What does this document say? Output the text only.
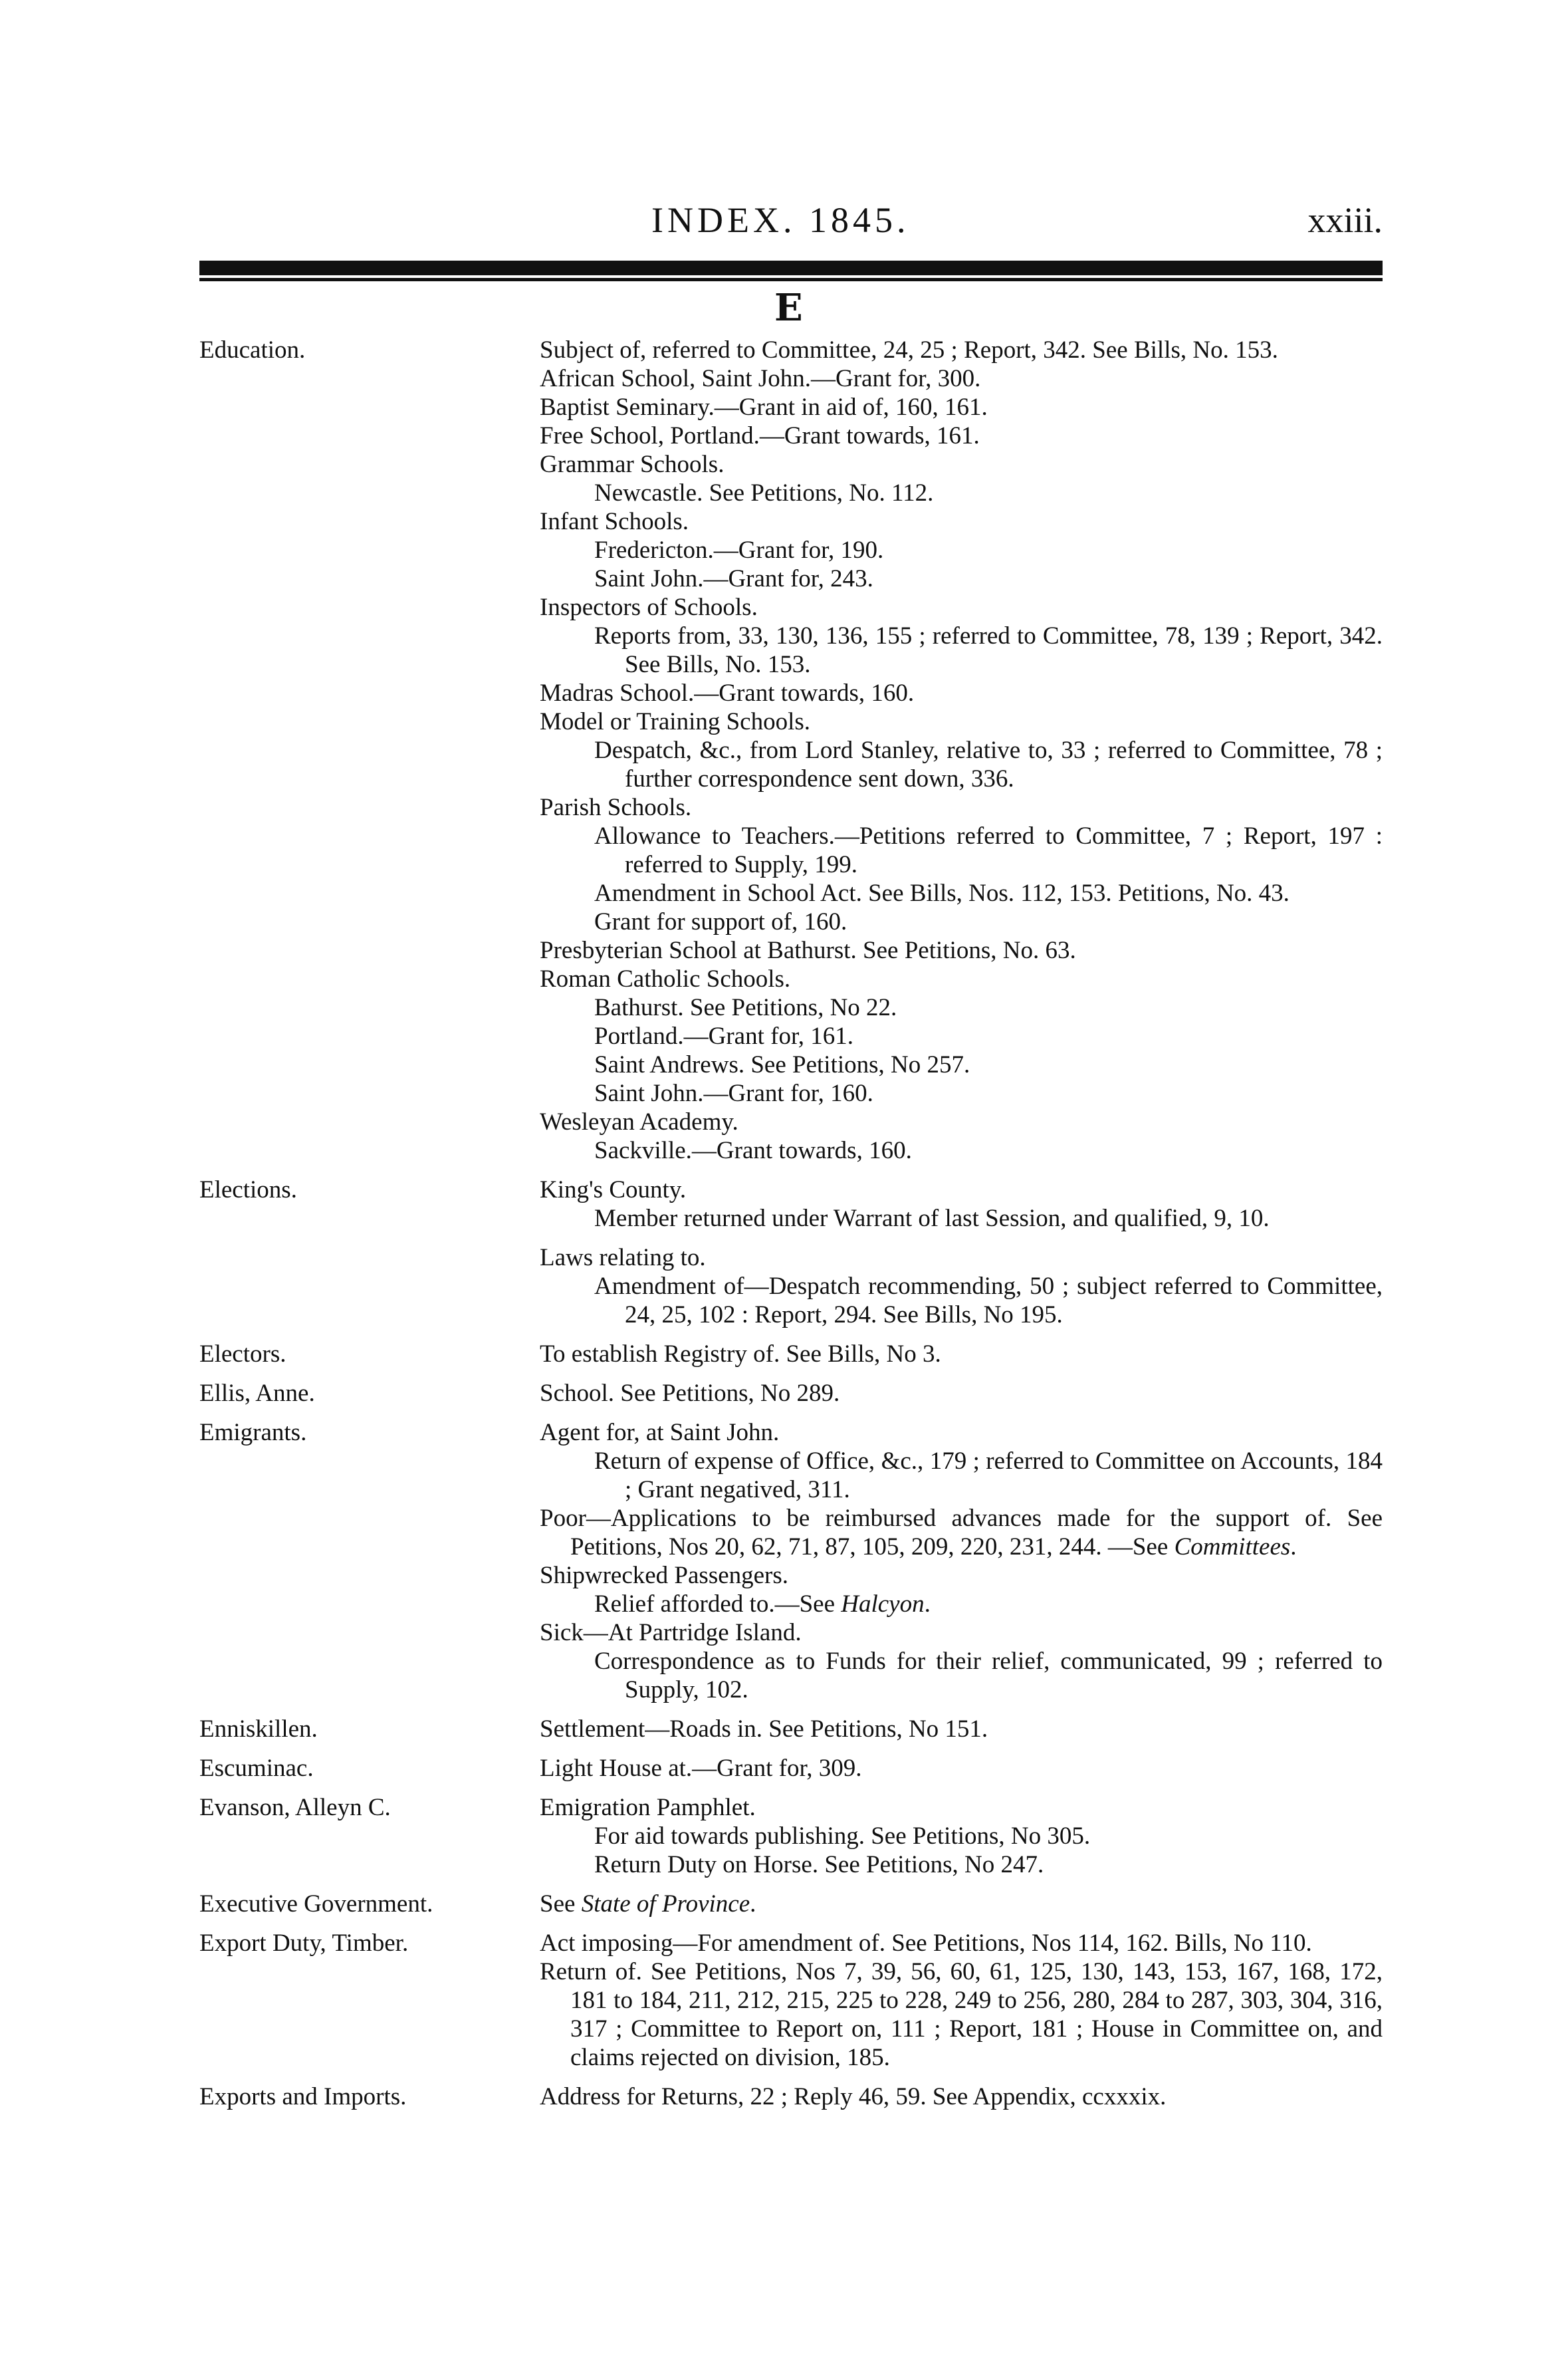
INDEX. 1845.	xxiii.
E
Education.	Subject of, referred to Committee, 24, 25 ; Report, 342. See Bills, No. 153.
African School, Saint John.—Grant for, 300.
Baptist Seminary.—Grant in aid of, 160, 161.
Free School, Portland.—Grant towards, 161.
Grammar Schools.
Newcastle. See Petitions, No. 112.
Infant Schools.
Fredericton.—Grant for, 190.
Saint John.—Grant for, 243.
Inspectors of Schools.
Reports from, 33, 130, 136, 155 ; referred to Committee, 78, 139 ; Report, 342. See Bills, No. 153.
Madras School.—Grant towards, 160.
Model or Training Schools.
Despatch, &c., from Lord Stanley, relative to, 33 ; referred to Committee, 78 ; further correspondence sent down, 336.
Parish Schools.
Allowance to Teachers.—Petitions referred to Committee, 7 ; Report, 197 : referred to Supply, 199.
Amendment in School Act. See Bills, Nos. 112, 153. Petitions, No. 43.
Grant for support of, 160.
Presbyterian School at Bathurst. See Petitions, No. 63.
Roman Catholic Schools.
Bathurst. See Petitions, No 22.
Portland.—Grant for, 161.
Saint Andrews. See Petitions, No 257.
Saint John.—Grant for, 160.
Wesleyan Academy.
Sackville.—Grant towards, 160.
Elections.	King's County.
Member returned under Warrant of last Session, and qualified, 9, 10.
Laws relating to.
Amendment of—Despatch recommending, 50 ; subject referred to Committee, 24, 25, 102 : Report, 294. See Bills, No 195.
Electors.	To establish Registry of. See Bills, No 3.
Ellis, Anne.	School. See Petitions, No 289.
Emigrants.	Agent for, at Saint John.
Return of expense of Office, &c., 179 ; referred to Committee on Accounts, 184 ; Grant negatived, 311.
Poor—Applications to be reimbursed advances made for the support of. See Petitions, Nos 20, 62, 71, 87, 105, 209, 220, 231, 244. —See Committees.
Shipwrecked Passengers.
Relief afforded to.—See Halcyon.
Sick—At Partridge Island.
Correspondence as to Funds for their relief, communicated, 99 ; referred to Supply, 102.
Enniskillen.	Settlement—Roads in. See Petitions, No 151.
Escuminac.	Light House at.—Grant for, 309.
Evanson, Alleyn C.	Emigration Pamphlet.
For aid towards publishing. See Petitions, No 305.
Return Duty on Horse. See Petitions, No 247.
Executive Government.	See State of Province.
Export Duty, Timber.	Act imposing—For amendment of. See Petitions, Nos 114, 162. Bills, No 110.
Return of. See Petitions, Nos 7, 39, 56, 60, 61, 125, 130, 143, 153, 167, 168, 172, 181 to 184, 211, 212, 215, 225 to 228, 249 to 256, 280, 284 to 287, 303, 304, 316, 317 ; Committee to Report on, 111 ; Report, 181 ; House in Committee on, and claims rejected on division, 185.
Exports and Imports.	Address for Returns, 22 ; Reply 46, 59. See Appendix, ccxxxix.
